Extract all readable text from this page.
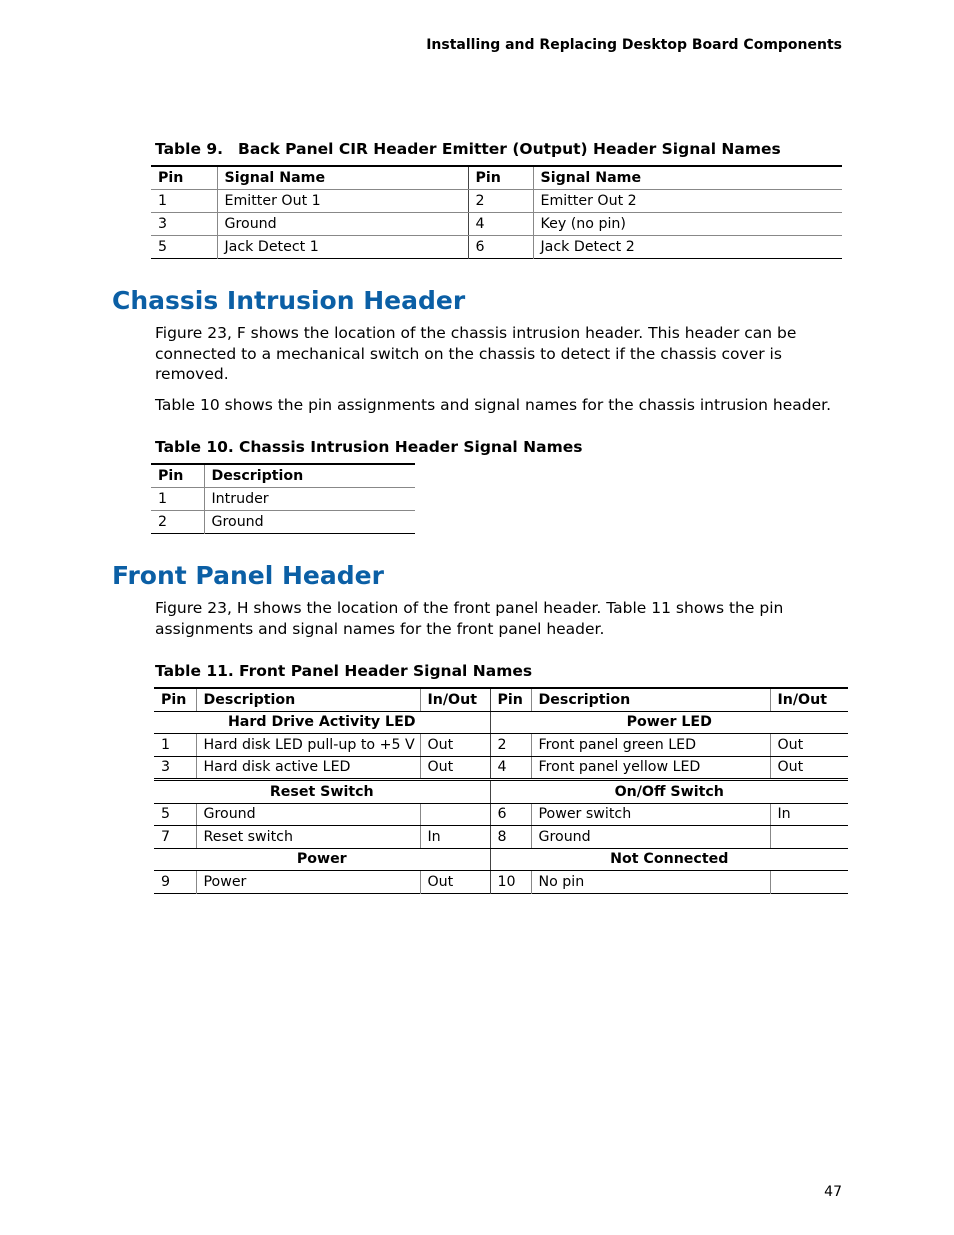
Installing and Replacing Desktop Board Components
Table 9. Back Panel CIR Header Emitter (Output) Header Signal Names
Pin	Signal Name	Pin	Signal Name
1	Emitter Out 1	2	Emitter Out 2
3	Ground	4	Key (no pin)
5	Jack Detect 1	6	Jack Detect 2
Chassis Intrusion Header

Figure 23, F shows the location of the chassis intrusion header. This header can be connected to a mechanical switch on the chassis to detect if the chassis cover is removed.

Table 10 shows the pin assignments and signal names for the chassis intrusion header.

Table 10. Chassis Intrusion Header Signal Names
Pin	Description
1	Intruder
2	Ground
Front Panel Header

Figure 23, H shows the location of the front panel header. Table 11 shows the pin assignments and signal names for the front panel header.

Table 11. Front Panel Header Signal Names
Pin	Description	In/Out	Pin	Description	In/Out
Hard Drive Activity LED			Power LED		
1	Hard disk LED pull-up to +5 V	Out	2	Front panel green LED	Out
3	Hard disk active LED	Out	4	Front panel yellow LED	Out
Reset Switch			On/Off Switch		
5	Ground		6	Power switch	In
7	Reset switch	In	8	Ground	
Power			Not Connected		
9	Power	Out	10	No pin	
47
